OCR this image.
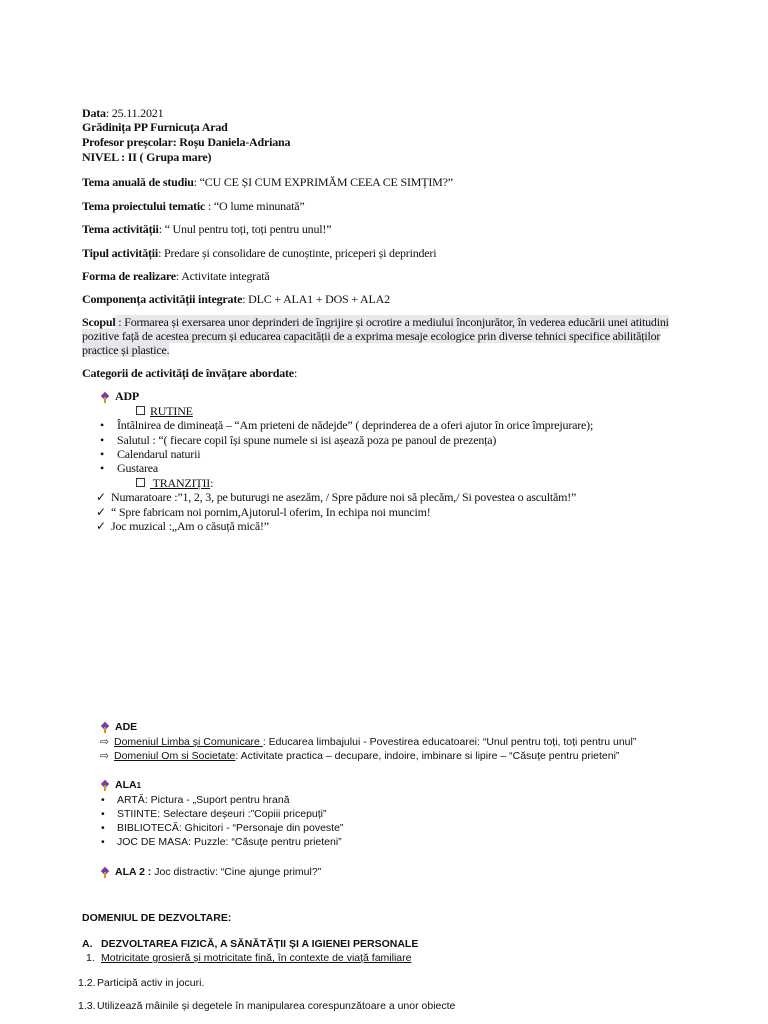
Data: 25.11.2021
Grădinița PP Furnicuța Arad
Profesor preșcolar: Roșu Daniela-Adriana
NIVEL : II ( Grupa mare)
Tema anuală de studiu: “CU CE ȘI CUM EXPRIMĂM CEEA CE SIMȚIM?”
Tema proiectului tematic : “O lume minunată”
Tema activității: “ Unul pentru toți, toți pentru unul!”
Tipul activității: Predare și consolidare de cunoștinte, priceperi și deprinderi
Forma de realizare: Activitate integrată
Componența activității integrate: DLC + ALA1 + DOS + ALA2
Scopul : Formarea și exersarea unor deprinderi de îngrijire și ocrotire a mediului înconjurător, în vederea educării unei atitudini
pozitive față de acestea precum și educarea capacității de a exprima mesaje ecologice prin diverse tehnici specifice abilităților
practice și plastice.
Categorii de activități de învățare abordate:
ADP
RUTINE
• Întâlnirea de dimineață – “Am prieteni de nădejde” ( deprinderea de a oferi ajutor în orice împrejurare);
• Salutul : “( fiecare copil își spune numele si isi așează poza pe panoul de prezența)
• Calendarul naturii
• Gustarea
TRANZIȚII:
✓ Numaratoare :”1, 2, 3, pe buturugi ne asezăm, / Spre pădure noi să plecăm,/ Si povestea o ascultăm!”
✓ “ Spre fabricam noi pornim,Ajutorul-l oferim, In echipa noi muncim!
✓ Joc muzical :„Am o căsuță mică!”
ADE
⇨ Domeniul Limba și Comunicare : Educarea limbajului - Povestirea educatoarei: “Unul pentru toți, toți pentru unul”
⇨ Domeniul Om si Societate: Activitate practica – decupare, indoire, imbinare si lipire – “Căsuțe pentru prieteni”
ALA1
• ARTĂ: Pictura - „Suport pentru hrană
• STIINTE: Selectare deșeuri :”Copiii pricepuți”
• BIBLIOTECĂ: Ghicitori - “Personaje din poveste”
• JOC DE MASA: Puzzle: “Căsuțe pentru prieteni”
ALA 2 : Joc distractiv: “Cine ajunge primul?”
DOMENIUL DE DEZVOLTARE:
A. DEZVOLTAREA FIZICĂ, A SĂNĂTĂȚII ȘI A IGIENEI PERSONALE
1. Motricitate grosieră și motricitate fină, în contexte de viață familiare
1.2.Participă activ in jocuri.
1.3.Utilizează mâinile și degetele în manipularea corespunzătoare a unor obiecte
